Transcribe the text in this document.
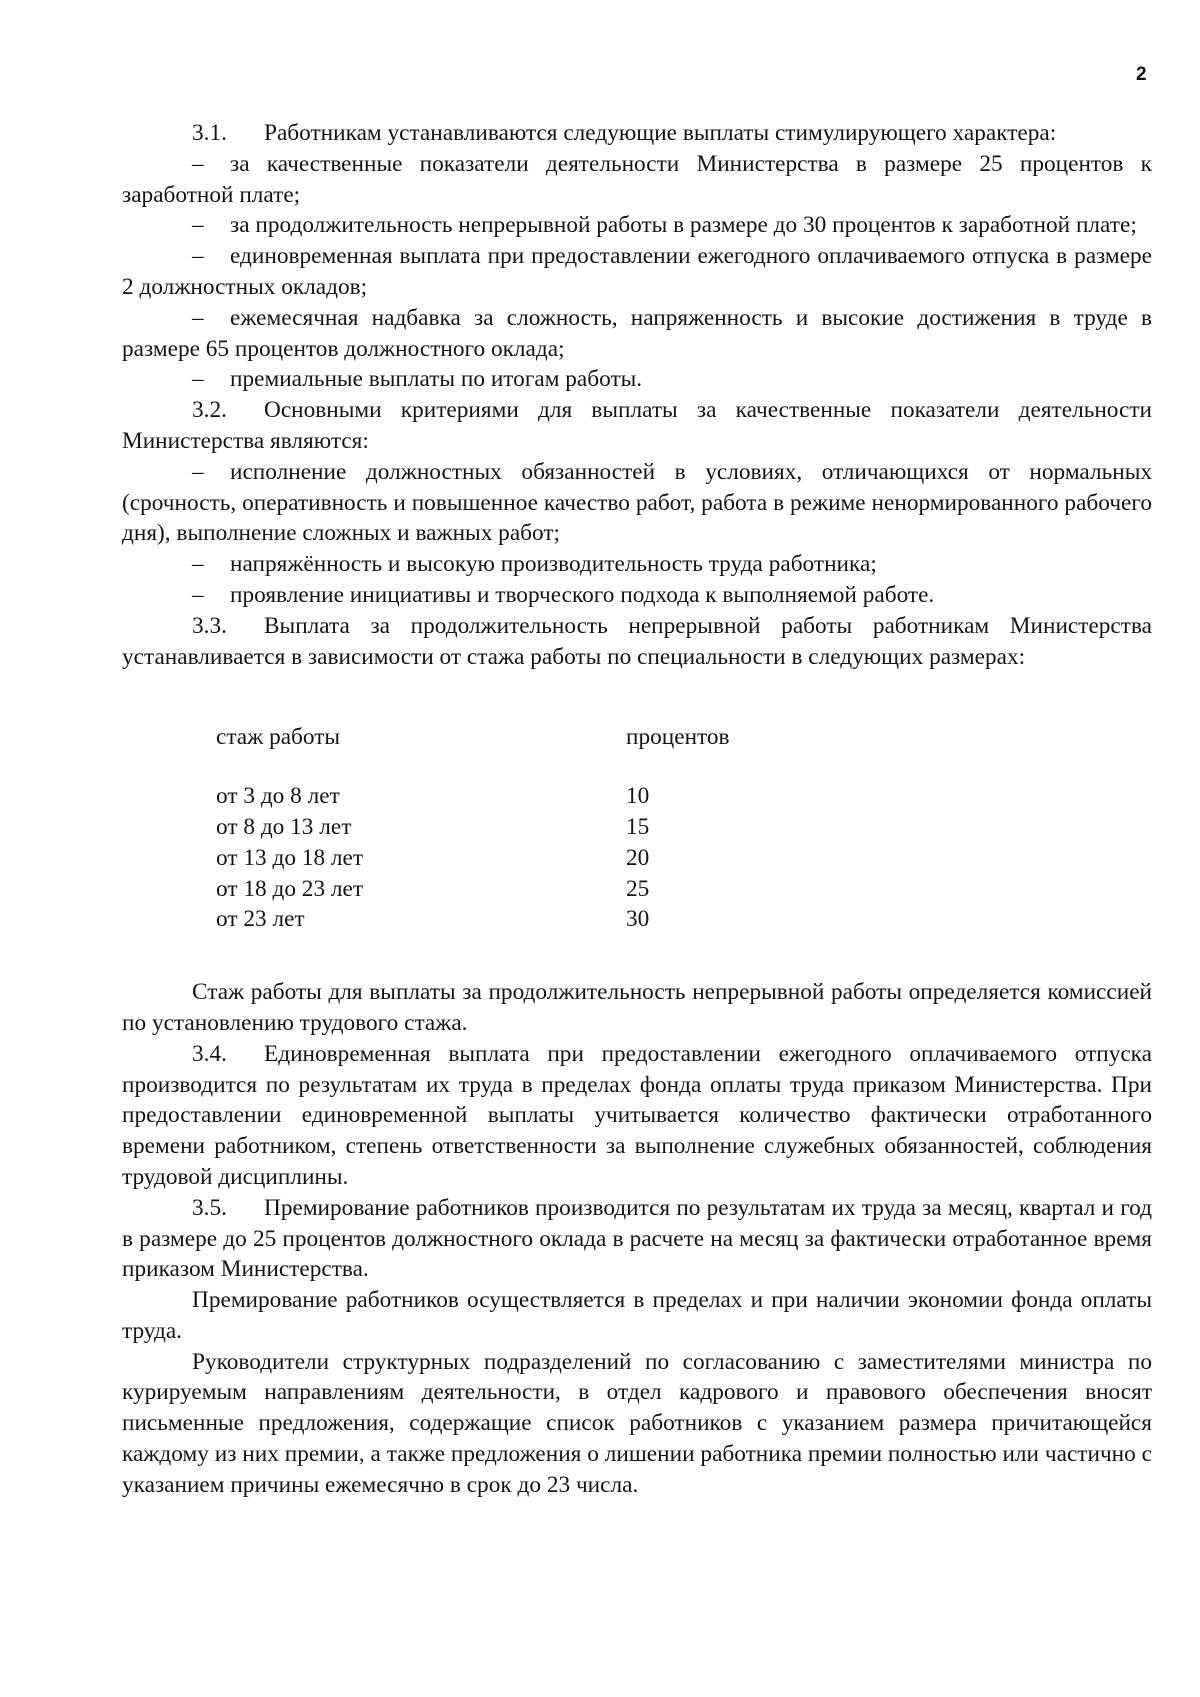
2

3.1. Работникам устанавливаются следующие выплаты стимулирующего характера:

– за качественные показатели деятельности Министерства в размере 25 процентов к заработной плате;

– за продолжительность непрерывной работы в размере до 30 процентов к заработной плате;

– единовременная выплата при предоставлении ежегодного оплачиваемого отпуска в размере 2 должностных окладов;

– ежемесячная надбавка за сложность, напряженность и высокие достижения в труде в размере 65 процентов должностного оклада;

– премиальные выплаты по итогам работы.

3.2. Основными критериями для выплаты за качественные показатели деятельности Министерства являются:

– исполнение должностных обязанностей в условиях, отличающихся от нормальных (срочность, оперативность и повышенное качество работ, работа в режиме ненормированного рабочего дня), выполнение сложных и важных работ;

– напряжённость и высокую производительность труда работника;

– проявление инициативы и творческого подхода к выполняемой работе.

3.3. Выплата за продолжительность непрерывной работы работникам Министерства устанавливается в зависимости от стажа работы по специальности в следующих размерах:

стаж работы	процентов
от 3 до 8 лет	10
от 8 до 13 лет	15
от 13 до 18 лет	20
от 18 до 23 лет	25
от 23 лет	30

Стаж работы для выплаты за продолжительность непрерывной работы определяется комиссией по установлению трудового стажа.

3.4. Единовременная выплата при предоставлении ежегодного оплачиваемого отпуска производится по результатам их труда в пределах фонда оплаты труда приказом Министерства. При предоставлении единовременной выплаты учитывается количество фактически отработанного времени работником, степень ответственности за выполнение служебных обязанностей, соблюдения трудовой дисциплины.

3.5. Премирование работников производится по результатам их труда за месяц, квартал и год в размере до 25 процентов должностного оклада в расчете на месяц за фактически отработанное время приказом Министерства.

Премирование работников осуществляется в пределах и при наличии экономии фонда оплаты труда.

Руководители структурных подразделений по согласованию с заместителями министра по курируемым направлениям деятельности, в отдел кадрового и правового обеспечения вносят письменные предложения, содержащие список работников с указанием размера причитающейся каждому из них премии, а также предложения о лишении работника премии полностью или частично с указанием причины ежемесячно в срок до 23 числа.
